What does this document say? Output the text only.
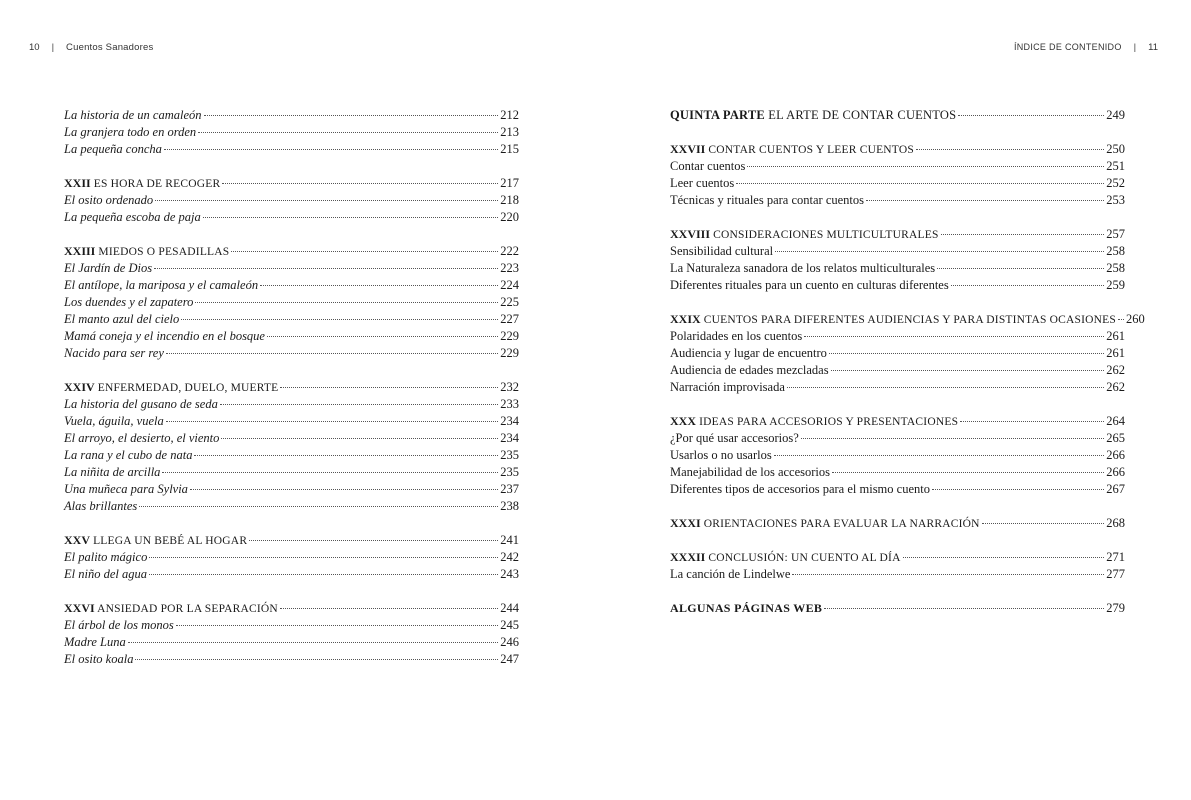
10 | Cuentos Sanadores
La historia de un camaleón	212
La granjera todo en orden	213
La pequeña concha	215
XXII ES HORA DE RECOGER	217
El osito ordenado	218
La pequeña escoba de paja	220
XXIII MIEDOS O PESADILLAS	222
El Jardín de Dios	223
El antílope, la mariposa y el camaleón	224
Los duendes y el zapatero	225
El manto azul del cielo	227
Mamá coneja y el incendio en el bosque	229
Nacido para ser rey	229
XXIV ENFERMEDAD, DUELO, MUERTE	232
La historia del gusano de seda	233
Vuela, águila, vuela	234
El arroyo, el desierto, el viento	234
La rana y el cubo de nata	235
La niñita de arcilla	235
Una muñeca para Sylvia	237
Alas brillantes	238
XXV LLEGA UN BEBÉ AL HOGAR	241
El palito mágico	242
El niño del agua	243
XXVI ANSIEDAD POR LA SEPARACIÓN	244
El árbol de los monos	245
Madre Luna	246
El osito koala	247
ÍNDICE DE CONTENIDO | 11
QUINTA PARTE EL ARTE DE CONTAR CUENTOS	249
XXVII CONTAR CUENTOS Y LEER CUENTOS	250
Contar cuentos	251
Leer cuentos	252
Técnicas y rituales para contar cuentos	253
XXVIII CONSIDERACIONES MULTICULTURALES	257
Sensibilidad cultural	258
La Naturaleza sanadora de los relatos multiculturales	258
Diferentes rituales para un cuento en culturas diferentes	259
XXIX CUENTOS PARA DIFERENTES AUDIENCIAS Y PARA DISTINTAS OCASIONES 260
Polaridades en los cuentos	261
Audiencia y lugar de encuentro	261
Audiencia de edades mezcladas	262
Narración improvisada	262
XXX IDEAS PARA ACCESORIOS Y PRESENTACIONES	264
¿Por qué usar accesorios?	265
Usarlos o no usarlos	266
Manejabilidad de los accesorios	266
Diferentes tipos de accesorios para el mismo cuento	267
XXXI ORIENTACIONES PARA EVALUAR LA NARRACIÓN	268
XXXII CONCLUSIÓN: UN CUENTO AL DÍA	271
La canción de Lindelwe	277
ALGUNAS PÁGINAS WEB	279
